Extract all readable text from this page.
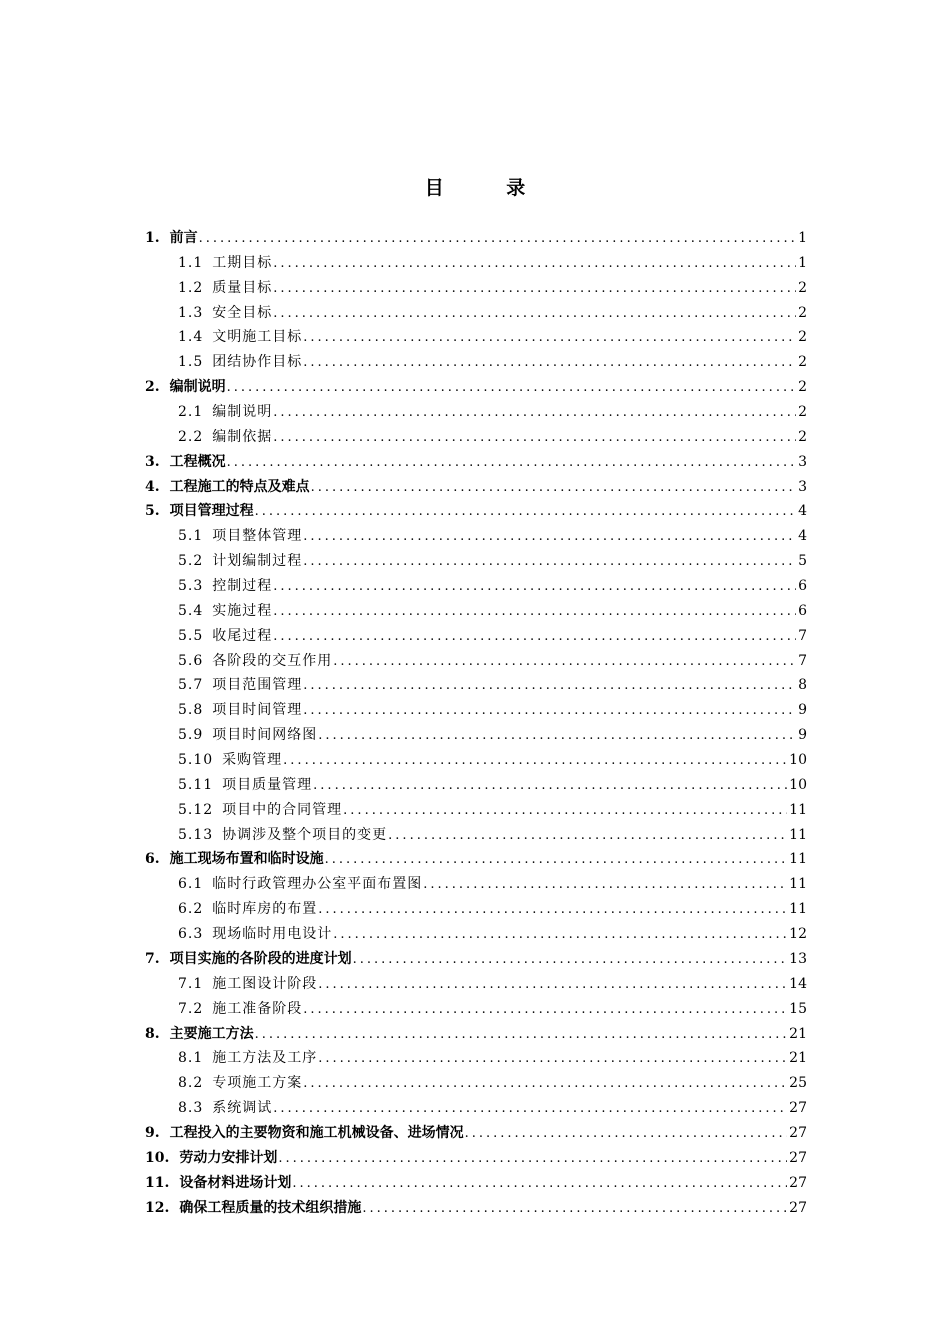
目 录
1. 前言 .....	1
1.1 工期目标 .....	1
1.2 质量目标 .....	2
1.3 安全目标 .....	2
1.4 文明施工目标 .....	2
1.5 团结协作目标 .....	2
2. 编制说明 .....	2
2.1 编制说明 .....	2
2.2 编制依据 .....	2
3. 工程概况 .....	3
4. 工程施工的特点及难点 .....	3
5. 项目管理过程 .....	4
5.1 项目整体管理 .....	4
5.2 计划编制过程 .....	5
5.3 控制过程 .....	6
5.4 实施过程 .....	6
5.5 收尾过程 .....	7
5.6 各阶段的交互作用 .....	7
5.7 项目范围管理 .....	8
5.8 项目时间管理 .....	9
5.9 项目时间网络图 .....	9
5.10 采购管理 .....	10
5.11 项目质量管理 .....	10
5.12 项目中的合同管理 .....	11
5.13 协调涉及整个项目的变更 .....	11
6. 施工现场布置和临时设施 .....	11
6.1 临时行政管理办公室平面布置图 .....	11
6.2 临时库房的布置 .....	11
6.3 现场临时用电设计 .....	12
7. 项目实施的各阶段的进度计划 .....	13
7.1 施工图设计阶段 .....	14
7.2 施工准备阶段 .....	15
8. 主要施工方法 .....	21
8.1 施工方法及工序 .....	21
8.2 专项施工方案 .....	25
8.3 系统调试 .....	27
9. 工程投入的主要物资和施工机械设备、进场情况 .....	27
10. 劳动力安排计划 .....	27
11. 设备材料进场计划 .....	27
12. 确保工程质量的技术组织措施 .....	27
